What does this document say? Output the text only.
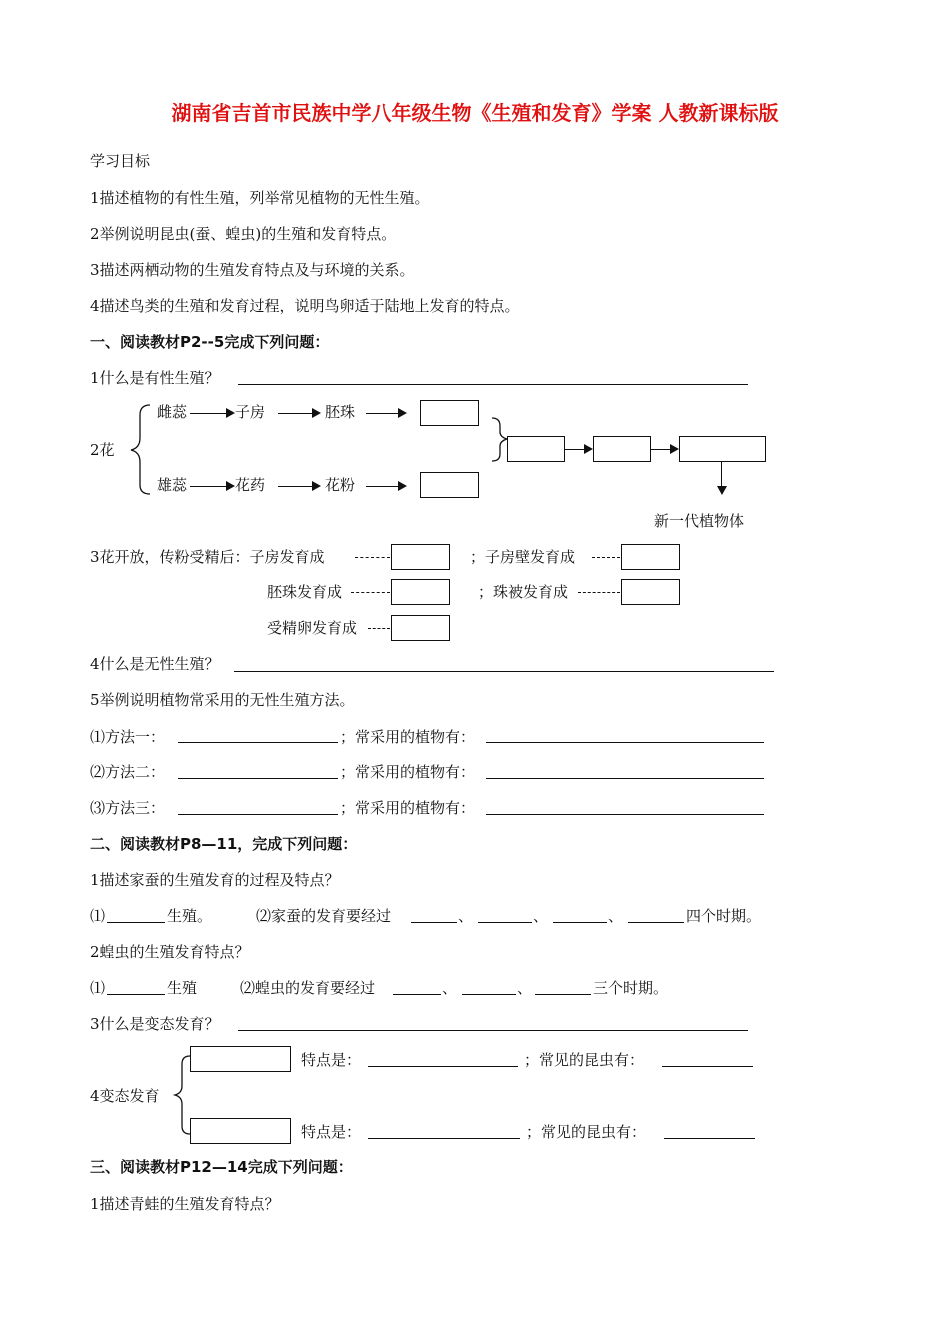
湖南省吉首市民族中学八年级生物《生殖和发育》学案 人教新课标版
学习目标
1描述植物的有性生殖，列举常见植物的无性生殖。
2举例说明昆虫(蚕、蝗虫)的生殖和发育特点。
3描述两栖动物的生殖发育特点及与环境的关系。
4描述鸟类的生殖和发育过程，说明鸟卵适于陆地上发育的特点。
一、阅读教材P2--5完成下列问题：
1什么是有性生殖？
2花
雌蕊	子房	胚珠
雄蕊	花药	花粉
新一代植物体
3花开放，传粉受精后：子房发育成	；子房壁发育成
胚珠发育成	；珠被发育成
受精卵发育成
4什么是无性生殖？
5举例说明植物常采用的无性生殖方法。
⑴方法一：	；常采用的植物有：
⑵方法二：	；常采用的植物有：
⑶方法三：	；常采用的植物有：
二、阅读教材P8—11，完成下列问题：
1描述家蚕的生殖发育的过程及特点？
⑴	生殖。	⑵家蚕的发育要经过	、	、	、	四个时期。
2蝗虫的生殖发育特点？
⑴	生殖	⑵蝗虫的发育要经过	、	、	三个时期。
3什么是变态发育？
4变态发育
特点是：	；常见的昆虫有：
特点是：	；常见的昆虫有：
三、阅读教材P12—14完成下列问题：
1描述青蛙的生殖发育特点？
